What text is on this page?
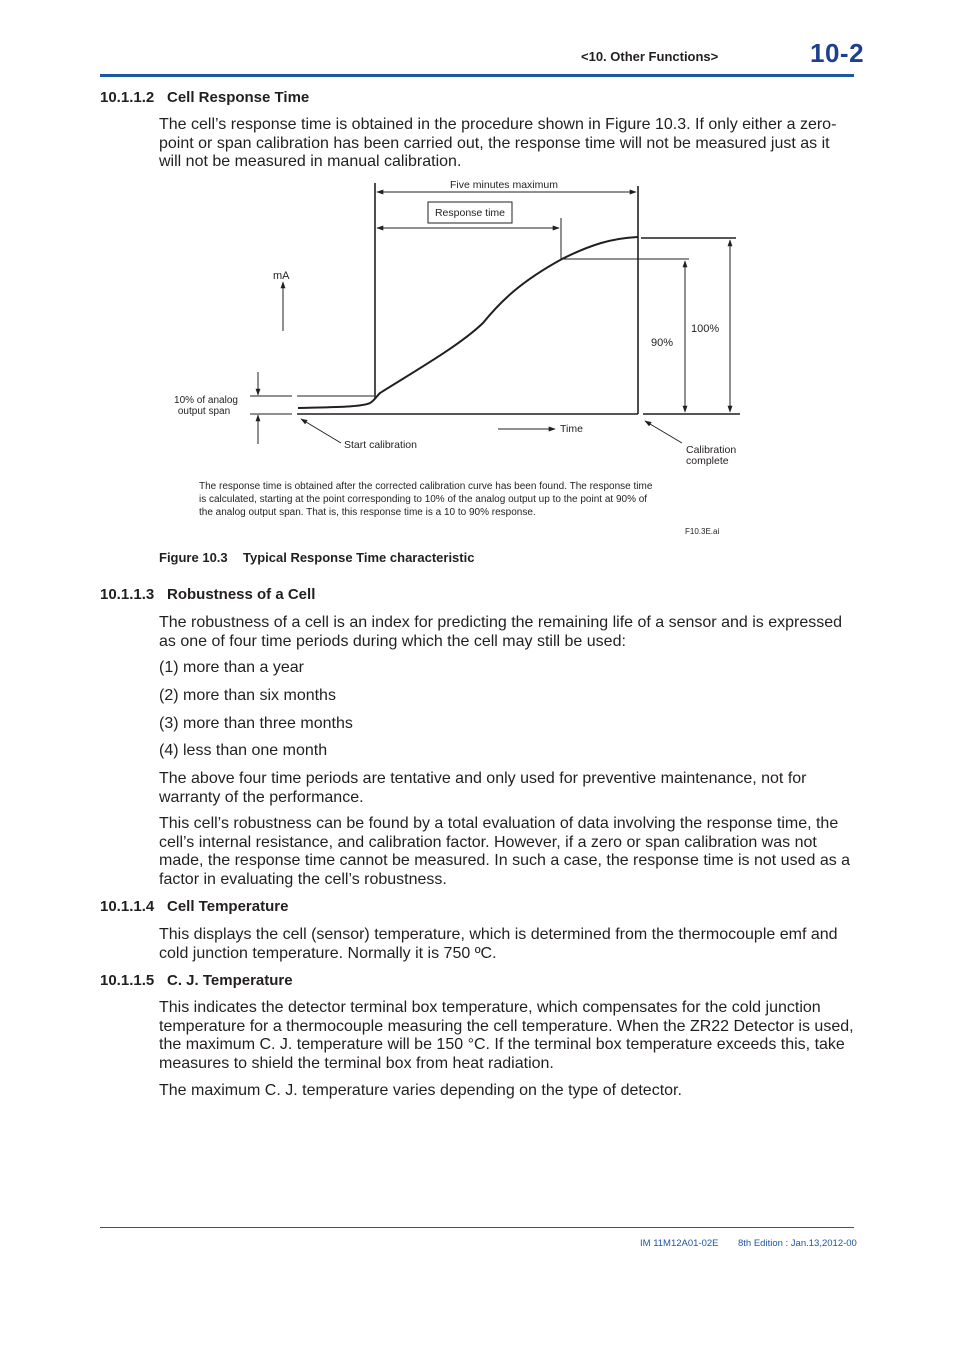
<10. Other Functions>	10-2
10.1.1.2 Cell Response Time

The cell’s response time is obtained in the procedure shown in Figure 10.3. If only either a zero-point or span calibration has been carried out, the response time will not be measured just as it will not be measured in manual calibration.

Five minutes maximum
Response time
mA
10% of analog
output span
90%
100%
Time
Start calibration	Calibration
complete
The response time is obtained after the corrected calibration curve has been found. The response time
is calculated, starting at the point corresponding to 10% of the analog output up to the point at 90% of
the analog output span. That is, this response time is a 10 to 90% response.
F10.3E.ai
Figure 10.3 Typical Response Time characteristic
10.1.1.3 Robustness of a Cell

The robustness of a cell is an index for predicting the remaining life of a sensor and is expressed as one of four time periods during which the cell may still be used:

(1) more than a year

(2) more than six months

(3) more than three months

(4) less than one month

The above four time periods are tentative and only used for preventive maintenance, not for warranty of the performance.

This cell’s robustness can be found by a total evaluation of data involving the response time, the cell’s internal resistance, and calibration factor. However, if a zero or span calibration was not made, the response time cannot be measured. In such a case, the response time is not used as a factor in evaluating the cell’s robustness.

10.1.1.4 Cell Temperature

This displays the cell (sensor) temperature, which is determined from the thermocouple emf and cold junction temperature. Normally it is 750 ºC.

10.1.1.5 C. J. Temperature

This indicates the detector terminal box temperature, which compensates for the cold junction temperature for a thermocouple measuring the cell temperature. When the ZR22 Detector is used, the maximum C. J. temperature will be 150 °C. If the terminal box temperature exceeds this, take measures to shield the terminal box from heat radiation.

The maximum C. J. temperature varies depending on the type of detector.

IM 11M12A01-02E 8th Edition : Jan.13,2012-00
